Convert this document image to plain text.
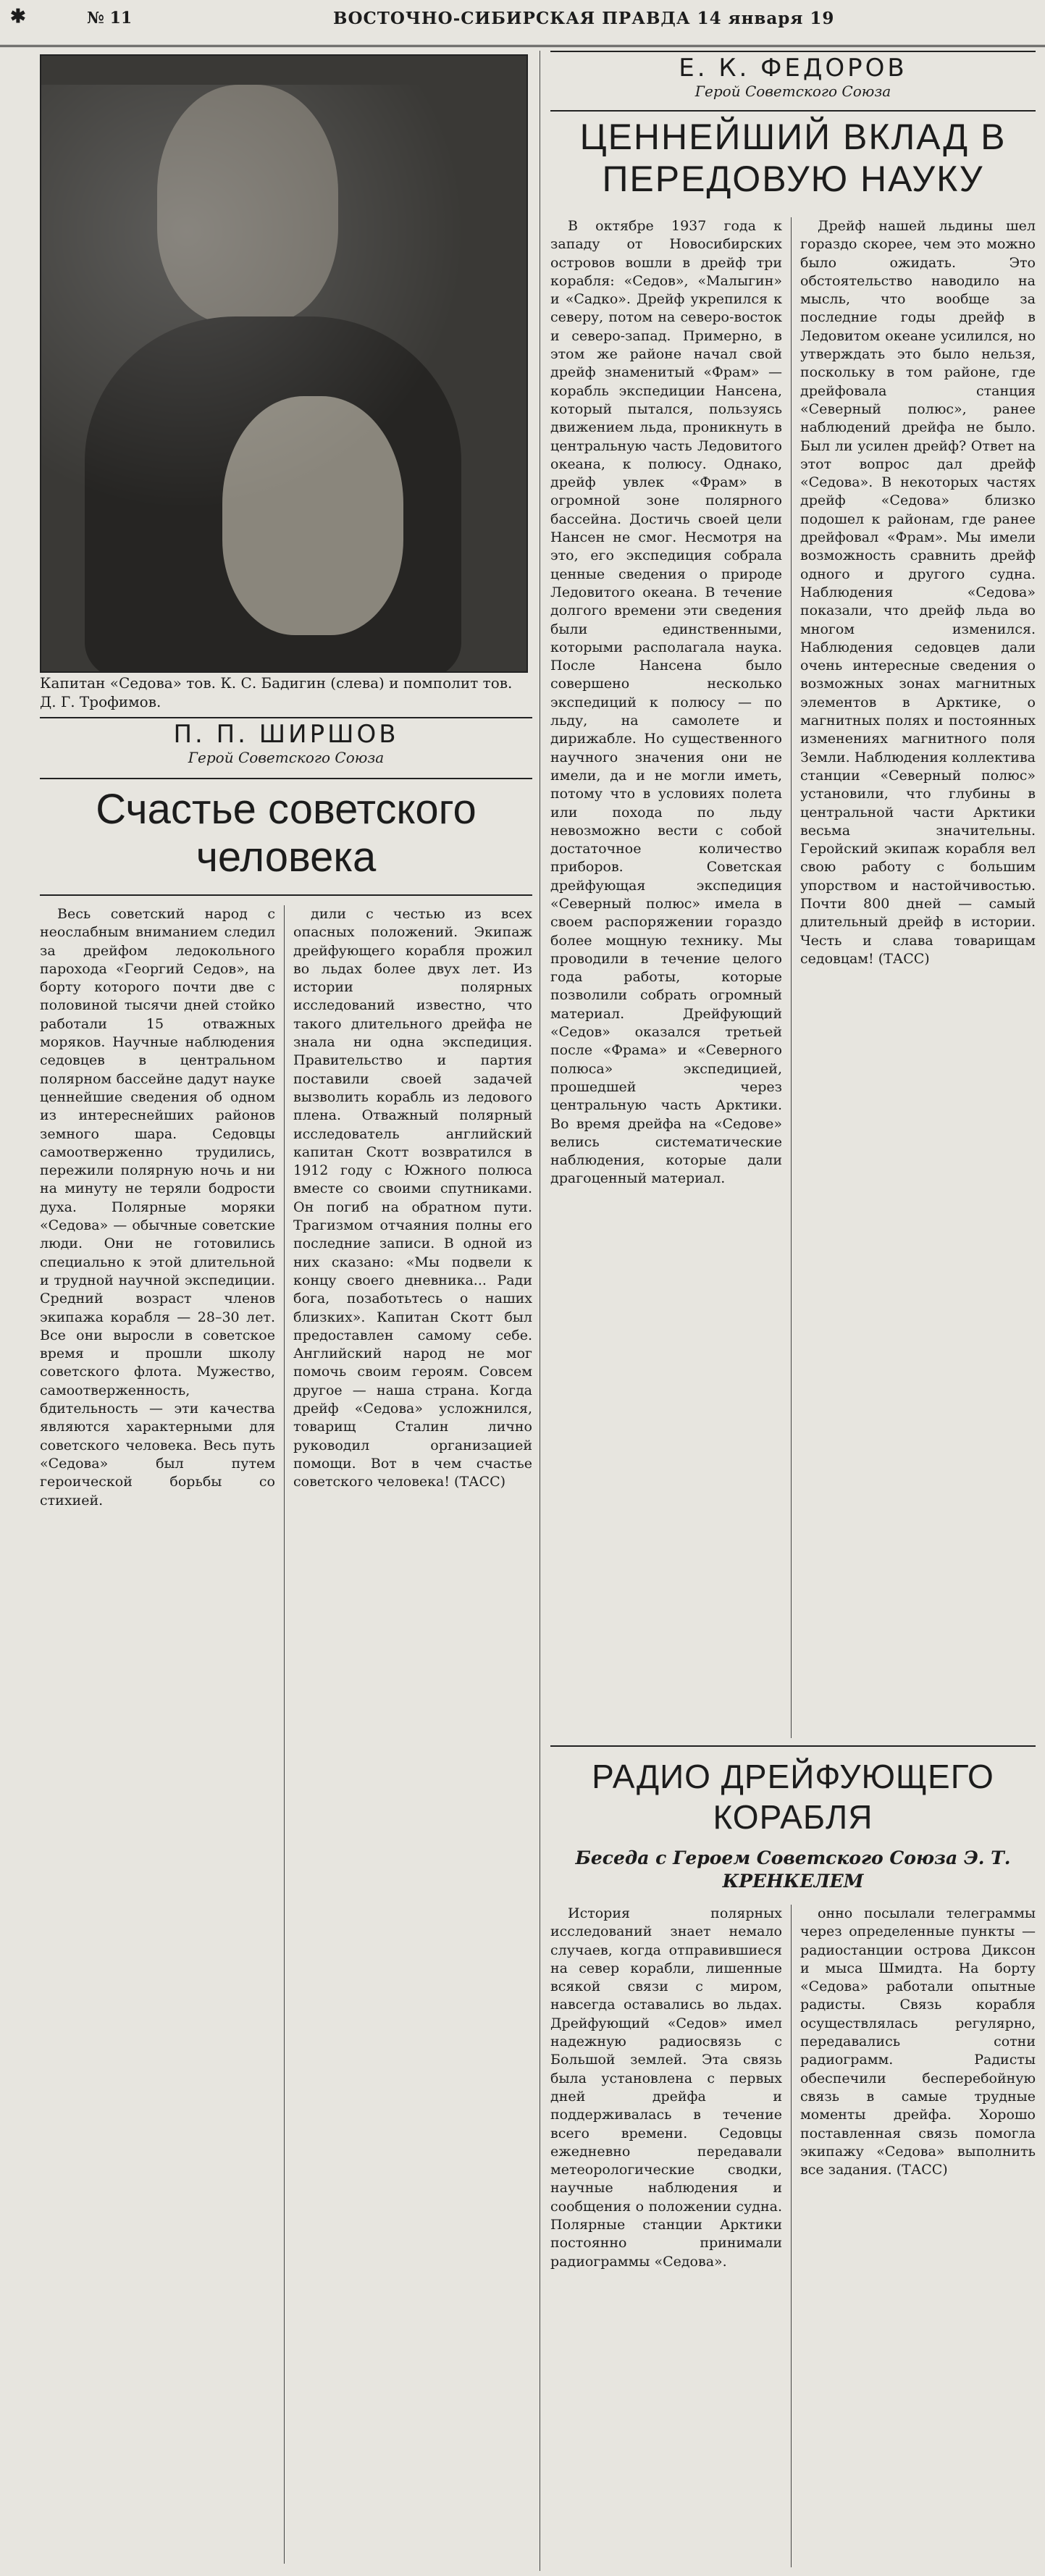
✱	№ 11	ВОСТОЧНО-СИБИРСКАЯ ПРАВДА 14 января 19
Капитан «Седова» тов. К. С. Бадигин (слева) и помполит тов. Д. Г. Трофимов.
Е. К. ФЕДОРОВ
Герой Советского Союза
ЦЕННЕЙШИЙ ВКЛАД В ПЕРЕДОВУЮ НАУКУ

В октябре 1937 года к западу от Новосибирских островов вошли в дрейф три корабля: «Седов», «Малыгин» и «Садко». Дрейф укрепился к северу, потом на северо-восток и северо-запад. Примерно, в этом же районе начал свой дрейф знаменитый «Фрам» — корабль экспедиции Нансена, который пытался, пользуясь движением льда, проникнуть в центральную часть Ледовитого океана, к полюсу. Однако, дрейф увлек «Фрам» в огромной зоне полярного бассейна. Достичь своей цели Нансен не смог. Несмотря на это, его экспедиция собрала ценные сведения о природе Ледовитого океана. В течение долгого времени эти сведения были единственными, которыми располагала наука. После Нансена было совершено несколько экспедиций к полюсу — по льду, на самолете и дирижабле. Но существенного научного значения они не имели, да и не могли иметь, потому что в условиях полета или похода по льду невозможно вести с собой достаточное количество приборов. Советская дрейфующая экспедиция «Северный полюс» имела в своем распоряжении гораздо более мощную технику. Мы проводили в течение целого года работы, которые позволили собрать огромный материал. Дрейфующий «Седов» оказался третьей после «Фрама» и «Северного полюса» экспедицией, прошедшей через центральную часть Арктики. Во время дрейфа на «Седове» велись систематические наблюдения, которые дали драгоценный материал.

Дрейф нашей льдины шел гораздо скорее, чем это можно было ожидать. Это обстоятельство наводило на мысль, что вообще за последние годы дрейф в Ледовитом океане усилился, но утверждать это было нельзя, поскольку в том районе, где дрейфовала станция «Северный полюс», ранее наблюдений дрейфа не было. Был ли усилен дрейф? Ответ на этот вопрос дал дрейф «Седова». В некоторых частях дрейф «Седова» близко подошел к районам, где ранее дрейфовал «Фрам». Мы имели возможность сравнить дрейф одного и другого судна. Наблюдения «Седова» показали, что дрейф льда во многом изменился. Наблюдения седовцев дали очень интересные сведения о возможных зонах магнитных элементов в Арктике, о магнитных полях и постоянных изменениях магнитного поля Земли. Наблюдения коллектива станции «Северный полюс» установили, что глубины в центральной части Арктики весьма значительны. Геройский экипаж корабля вел свою работу с большим упорством и настойчивостью. Почти 800 дней — самый длительный дрейф в истории. Честь и слава товарищам седовцам! (ТАСС)

П. П. ШИРШОВ
Герой Советского Союза
Счастье советского человека

Весь советский народ с неослабным вниманием следил за дрейфом ледокольного парохода «Георгий Седов», на борту которого почти две с половиной тысячи дней стойко работали 15 отважных моряков. Научные наблюдения седовцев в центральном полярном бассейне дадут науке ценнейшие сведения об одном из интереснейших районов земного шара. Седовцы самоотверженно трудились, пережили полярную ночь и ни на минуту не теряли бодрости духа. Полярные моряки «Седова» — обычные советские люди. Они не готовились специально к этой длительной и трудной научной экспедиции. Средний возраст членов экипажа корабля — 28–30 лет. Все они выросли в советское время и прошли школу советского флота. Мужество, самоотверженность, бдительность — эти качества являются характерными для советского человека. Весь путь «Седова» был путем героической борьбы со стихией.

дили с честью из всех опасных положений. Экипаж дрейфующего корабля прожил во льдах более двух лет. Из истории полярных исследований известно, что такого длительного дрейфа не знала ни одна экспедиция. Правительство и партия поставили своей задачей вызволить корабль из ледового плена. Отважный полярный исследователь английский капитан Скотт возвратился в 1912 году с Южного полюса вместе со своими спутниками. Он погиб на обратном пути. Трагизмом отчаяния полны его последние записи. В одной из них сказано: «Мы подвели к концу своего дневника... Ради бога, позаботьтесь о наших близких». Капитан Скотт был предоставлен самому себе. Английский народ не мог помочь своим героям. Совсем другое — наша страна. Когда дрейф «Седова» усложнился, товарищ Сталин лично руководил организацией помощи. Вот в чем счастье советского человека! (ТАСС)

РАДИО ДРЕЙФУЮЩЕГО КОРАБЛЯ
Беседа с Героем Советского Союза Э. Т. КРЕНКЕЛЕМ

История полярных исследований знает немало случаев, когда отправившиеся на север корабли, лишенные всякой связи с миром, навсегда оставались во льдах. Дрейфующий «Седов» имел надежную радиосвязь с Большой землей. Эта связь была установлена с первых дней дрейфа и поддерживалась в течение всего времени. Седовцы ежедневно передавали метеорологические сводки, научные наблюдения и сообщения о положении судна. Полярные станции Арктики постоянно принимали радиограммы «Седова».

онно посылали телеграммы через определенные пункты — радиостанции острова Диксон и мыса Шмидта. На борту «Седова» работали опытные радисты. Связь корабля осуществлялась регулярно, передавались сотни радиограмм. Радисты обеспечили бесперебойную связь в самые трудные моменты дрейфа. Хорошо поставленная связь помогла экипажу «Седова» выполнить все задания. (ТАСС)
